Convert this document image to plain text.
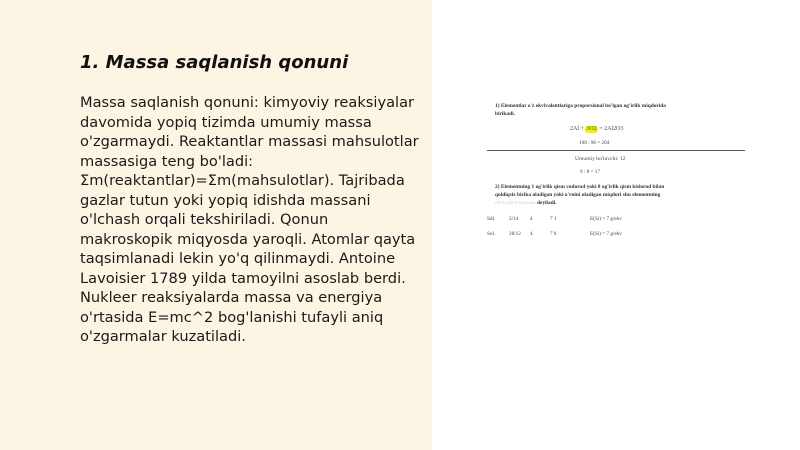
1. Massa saqlanish qonuni

Massa saqlanish qonuni: kimyoviy reaksiyalar davomida yopiq tizimda umumiy massa o'zgarmaydi. Reaktantlar massasi mahsulotlar massasiga teng bo'ladi: Σm(reaktantlar)=Σm(mahsulotlar). Tajribada gazlar tutun yoki yopiq idishda massani o'lchash orqali tekshiriladi. Qonun makroskopik miqyosda yaroqli. Atomlar qayta taqsimlanadi lekin yo'q qilinmaydi. Antoine Lavoisier 1789 yilda tamoyilni asoslab berdi. Nukleer reaksiyalarda massa va energiya o'rtasida E=mc^2 bog'lanishi tufayli aniq o'zgarmalar kuzatiladi.

1) Elementlar o'z ekvivalentlariga proporsional bo'lgan og'irlik miqdorida
birikadi.
2Al + 3O2 = 2Al2O3
108 : 96 = 204
Umumiy bo'luvchi: 12
9 : 8 = 17
2) Elementning 1 og'irlik qism vodorod yoki 8 og'irlik qism kislorod bilan
qoldiqsiz birika oladigan yoki o'rnini oladigan miqdori shu elementning
ekvivalent massasi deyiladi.
Sdl.	2/14 4	7 1	E(Si) = 7 g/ekv
Sol.	28/12 4	7 8	E(Si) = 7 g/ekv
